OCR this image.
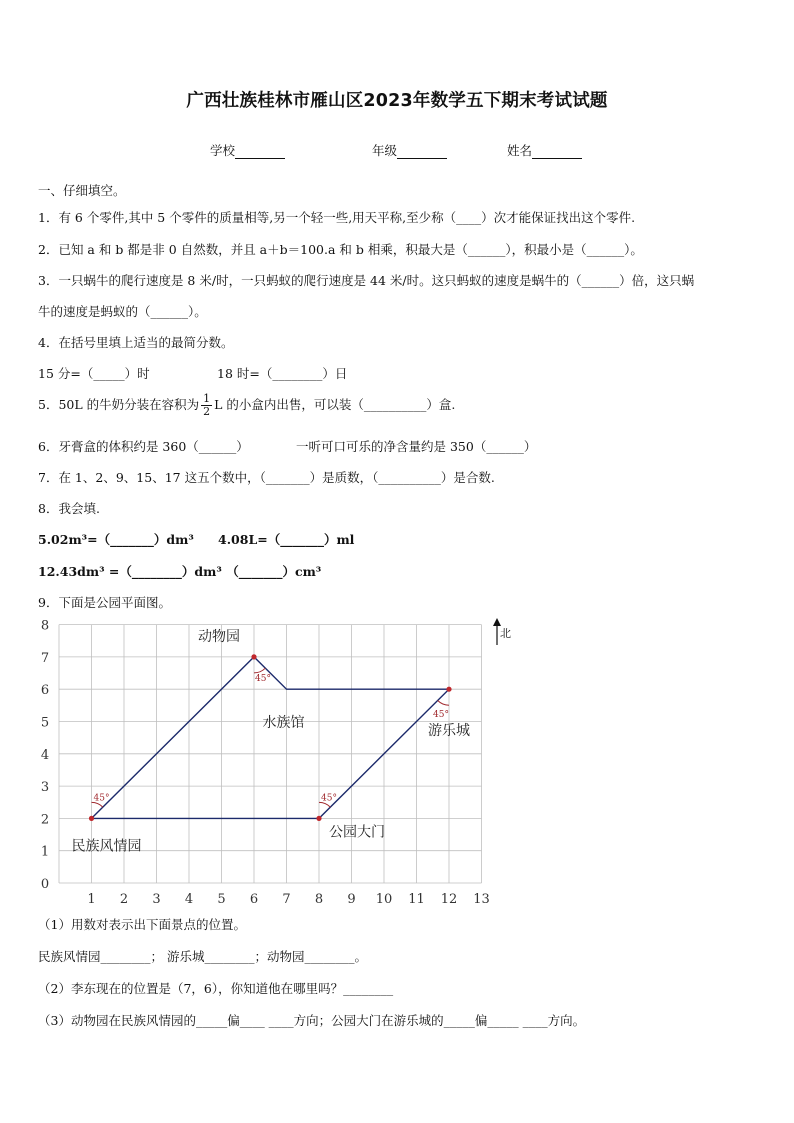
广西壮族桂林市雁山区2023年数学五下期末考试试题
学校	年级	姓名
一、仔细填空。
1．有 6 个零件,其中 5 个零件的质量相等,另一个轻一些,用天平称,至少称（____）次才能保证找出这个零件.
2．已知 a 和 b 都是非 0 自然数，并且 a＋b＝100.a 和 b 相乘，积最大是（______），积最小是（______）。
3．一只蜗牛的爬行速度是 8 米/时，一只蚂蚁的爬行速度是 44 米/时。这只蚂蚁的速度是蜗牛的（______）倍，这只蜗
牛的速度是蚂蚁的（______）。
4．在括号里填上适当的最简分数。
15 分=（_____）时	18 时=（________）日
5．50L 的牛奶分装在容积为 $\frac{1}{2}$ L 的小盒内出售，可以装（__________）盒.
6．牙膏盒的体积约是 360（______）	一听可口可乐的净含量约是 350（______）
7．在 1、2、9、15、17 这五个数中，（_______）是质数，（__________）是合数.
8．我会填.
5.02m³=（_______）dm³ 4.08L=（_______）ml
12.43dm³ =（________）dm³ （_______）cm³
9．下面是公园平面图。
1 2 3 4 5 6 7 8 9 10 11 12 13
0
1
2
3
4
5
6
7
8	北
45°
45°
45°
45°
民族风情园
动物园
水族馆	游乐城
公园大门
（1）用数对表示出下面景点的位置。
民族风情园________； 游乐城________；动物园________。
（2）李东现在的位置是（7，6），你知道他在哪里吗？________
（3）动物园在民族风情园的_____偏____ ____方向；公园大门在游乐城的_____偏_____ ____方向。
